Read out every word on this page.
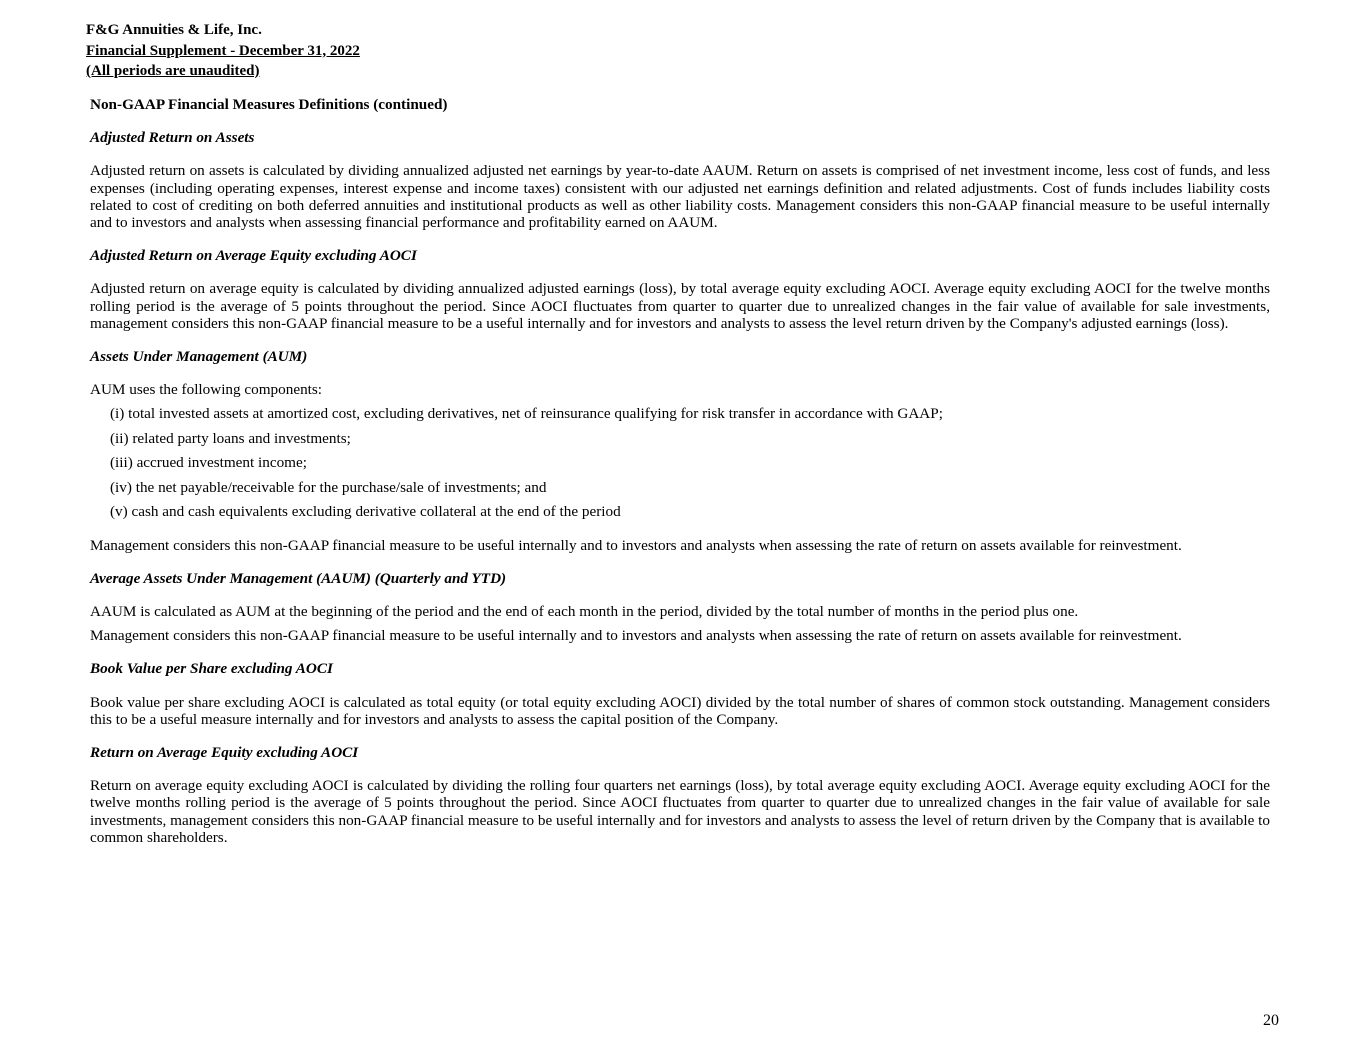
F&G Annuities & Life, Inc.
Financial Supplement - December 31, 2022
(All periods are unaudited)
Non-GAAP Financial Measures Definitions (continued)
Adjusted Return on Assets
Adjusted return on assets is calculated by dividing annualized adjusted net earnings by year-to-date AAUM. Return on assets is comprised of net investment income, less cost of funds, and less expenses (including operating expenses, interest expense and income taxes) consistent with our adjusted net earnings definition and related adjustments. Cost of funds includes liability costs related to cost of crediting on both deferred annuities and institutional products as well as other liability costs. Management considers this non-GAAP financial measure to be useful internally and to investors and analysts when assessing financial performance and profitability earned on AAUM.
Adjusted Return on Average Equity excluding AOCI
Adjusted return on average equity is calculated by dividing annualized adjusted earnings (loss), by total average equity excluding AOCI. Average equity excluding AOCI for the twelve months rolling period is the average of 5 points throughout the period. Since AOCI fluctuates from quarter to quarter due to unrealized changes in the fair value of available for sale investments, management considers this non-GAAP financial measure to be a useful internally and for investors and analysts to assess the level return driven by the Company's adjusted earnings (loss).
Assets Under Management (AUM)
AUM uses the following components:
(i) total invested assets at amortized cost, excluding derivatives, net of reinsurance qualifying for risk transfer in accordance with GAAP;
(ii) related party loans and investments;
(iii) accrued investment income;
(iv) the net payable/receivable for the purchase/sale of investments; and
(v) cash and cash equivalents excluding derivative collateral at the end of the period
Management considers this non-GAAP financial measure to be useful internally and to investors and analysts when assessing the rate of return on assets available for reinvestment.
Average Assets Under Management (AAUM) (Quarterly and YTD)
AAUM is calculated as AUM at the beginning of the period and the end of each month in the period, divided by the total number of months in the period plus one.
Management considers this non-GAAP financial measure to be useful internally and to investors and analysts when assessing the rate of return on assets available for reinvestment.
Book Value per Share excluding AOCI
Book value per share excluding AOCI is calculated as total equity (or total equity excluding AOCI) divided by the total number of shares of common stock outstanding. Management considers this to be a useful measure internally and for investors and analysts to assess the capital position of the Company.
Return on Average Equity excluding AOCI
Return on average equity excluding AOCI is calculated by dividing the rolling four quarters net earnings (loss), by total average equity excluding AOCI. Average equity excluding AOCI for the twelve months rolling period is the average of 5 points throughout the period. Since AOCI fluctuates from quarter to quarter due to unrealized changes in the fair value of available for sale investments, management considers this non-GAAP financial measure to be useful internally and for investors and analysts to assess the level of return driven by the Company that is available to common shareholders.
20
